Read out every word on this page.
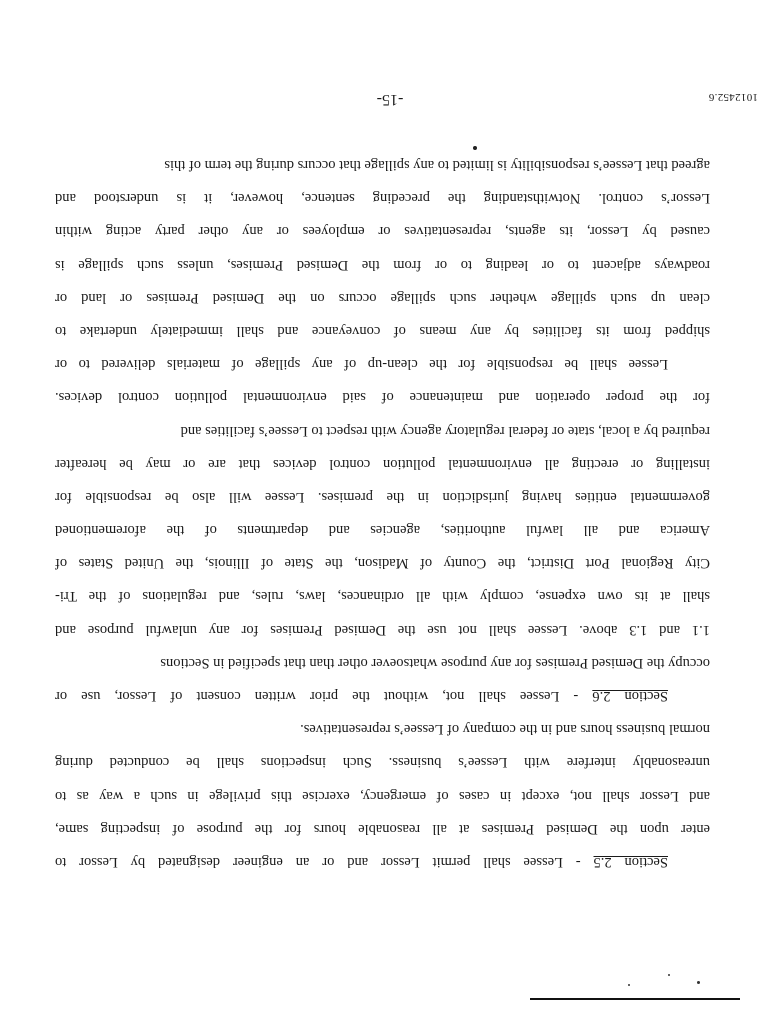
Section 2.5 - Lessee shall permit Lessor and or an engineer designated by Lessor to
enter upon the Demised Premises at all reasonable hours for the purpose of inspecting same,
and Lessor shall not, except in cases of emergency, exercise this privilege in such a way as to
unreasonably interfere with Lessee’s business. Such inspections shall be conducted during
normal business hours and in the company of Lessee’s representatives.
Section 2.6 - Lessee shall not, without the prior written consent of Lessor, use or
occupy the Demised Premises for any purpose whatsoever other than that specified in Sections
1.1 and 1.3 above. Lessee shall not use the Demised Premises for any unlawful purpose and
shall at its own expense, comply with all ordinances, laws, rules, and regulations of the Tri-
City Regional Port District, the County of Madison, the State of Illinois, the United States of
America and all lawful authorities, agencies and departments of the aforementioned
governmental entities having jurisdiction in the premises. Lessee will also be responsible for
installing or erecting all environmental pollution control devices that are or may be hereafter
required by a local, state or federal regulatory agency with respect to Lessee’s facilities and
for the proper operation and maintenance of said environmental pollution control devices.
Lessee shall be responsible for the clean-up of any spillage of materials delivered to or
shipped from its facilities by any means of conveyance and shall immediately undertake to
clean up such spillage whether such spillage occurs on the Demised Premises or land or
roadways adjacent to or leading to or from the Demised Premises, unless such spillage is
caused by Lessor, its agents, representatives or employees or any other party acting within
Lessor’s control. Notwithstanding the preceding sentence, however, it is understood and
agreed that Lessee’s responsibility is limited to any spillage that occurs during the term of this
1012452.6
-15-
